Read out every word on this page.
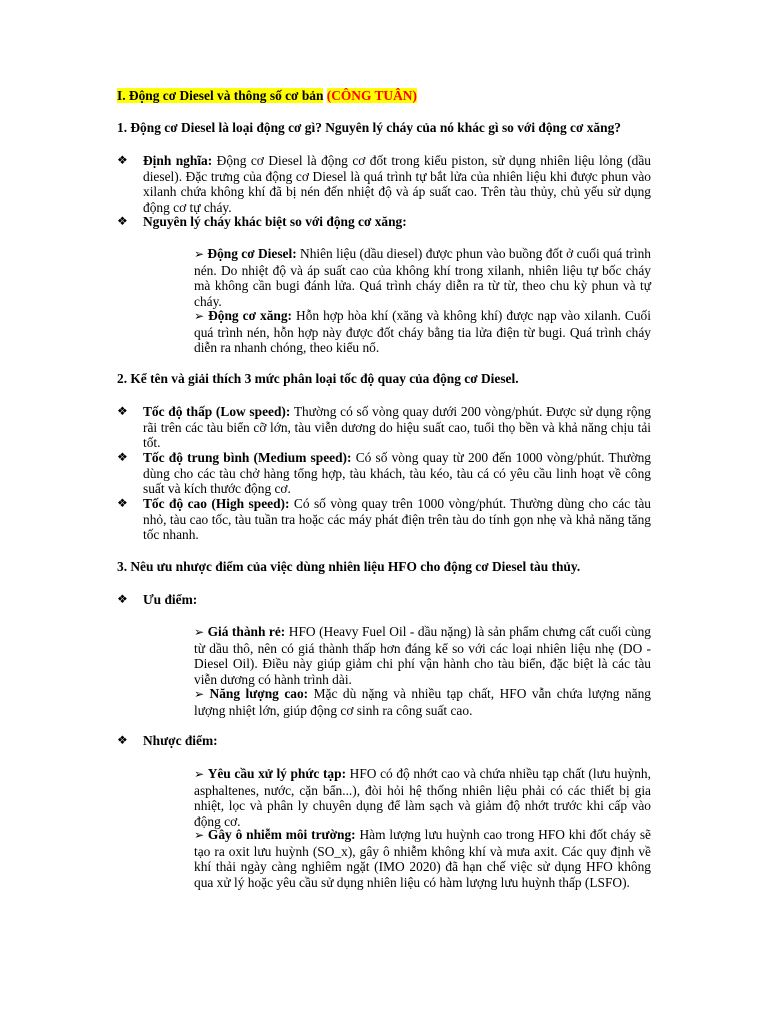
I. Động cơ Diesel và thông số cơ bản (CÔNG TUÂN)
1. Động cơ Diesel là loại động cơ gì? Nguyên lý cháy của nó khác gì so với động cơ xăng?
❖ Định nghĩa: Động cơ Diesel là động cơ đốt trong kiểu piston, sử dụng nhiên liệu lỏng (dầu diesel). Đặc trưng của động cơ Diesel là quá trình tự bắt lửa của nhiên liệu khi được phun vào xilanh chứa không khí đã bị nén đến nhiệt độ và áp suất cao. Trên tàu thủy, chủ yếu sử dụng động cơ tự cháy.
❖ Nguyên lý cháy khác biệt so với động cơ xăng:
➢ Động cơ Diesel: Nhiên liệu (dầu diesel) được phun vào buồng đốt ở cuối quá trình nén. Do nhiệt độ và áp suất cao của không khí trong xilanh, nhiên liệu tự bốc cháy mà không cần bugi đánh lửa. Quá trình cháy diễn ra từ từ, theo chu kỳ phun và tự cháy.
➢ Động cơ xăng: Hỗn hợp hòa khí (xăng và không khí) được nạp vào xilanh. Cuối quá trình nén, hỗn hợp này được đốt cháy bằng tia lửa điện từ bugi. Quá trình cháy diễn ra nhanh chóng, theo kiểu nổ.
2. Kể tên và giải thích 3 mức phân loại tốc độ quay của động cơ Diesel.
❖ Tốc độ thấp (Low speed): Thường có số vòng quay dưới 200 vòng/phút. Được sử dụng rộng rãi trên các tàu biển cỡ lớn, tàu viễn dương do hiệu suất cao, tuổi thọ bền và khả năng chịu tải tốt.
❖ Tốc độ trung bình (Medium speed): Có số vòng quay từ 200 đến 1000 vòng/phút. Thường dùng cho các tàu chở hàng tổng hợp, tàu khách, tàu kéo, tàu cá có yêu cầu linh hoạt về công suất và kích thước động cơ.
❖ Tốc độ cao (High speed): Có số vòng quay trên 1000 vòng/phút. Thường dùng cho các tàu nhỏ, tàu cao tốc, tàu tuần tra hoặc các máy phát điện trên tàu do tính gọn nhẹ và khả năng tăng tốc nhanh.
3. Nêu ưu nhược điểm của việc dùng nhiên liệu HFO cho động cơ Diesel tàu thủy.
❖ Ưu điểm:
➢ Giá thành rẻ: HFO (Heavy Fuel Oil - dầu nặng) là sản phẩm chưng cất cuối cùng từ dầu thô, nên có giá thành thấp hơn đáng kể so với các loại nhiên liệu nhẹ (DO - Diesel Oil). Điều này giúp giảm chi phí vận hành cho tàu biển, đặc biệt là các tàu viễn dương có hành trình dài.
➢ Năng lượng cao: Mặc dù nặng và nhiều tạp chất, HFO vẫn chứa lượng năng lượng nhiệt lớn, giúp động cơ sinh ra công suất cao.
❖ Nhược điểm:
➢ Yêu cầu xử lý phức tạp: HFO có độ nhớt cao và chứa nhiều tạp chất (lưu huỳnh, asphaltenes, nước, cặn bẩn...), đòi hỏi hệ thống nhiên liệu phải có các thiết bị gia nhiệt, lọc và phân ly chuyên dụng để làm sạch và giảm độ nhớt trước khi cấp vào động cơ.
➢ Gây ô nhiễm môi trường: Hàm lượng lưu huỳnh cao trong HFO khi đốt cháy sẽ tạo ra oxit lưu huỳnh (SO_x), gây ô nhiễm không khí và mưa axit. Các quy định về khí thải ngày càng nghiêm ngặt (IMO 2020) đã hạn chế việc sử dụng HFO không qua xử lý hoặc yêu cầu sử dụng nhiên liệu có hàm lượng lưu huỳnh thấp (LSFO).
